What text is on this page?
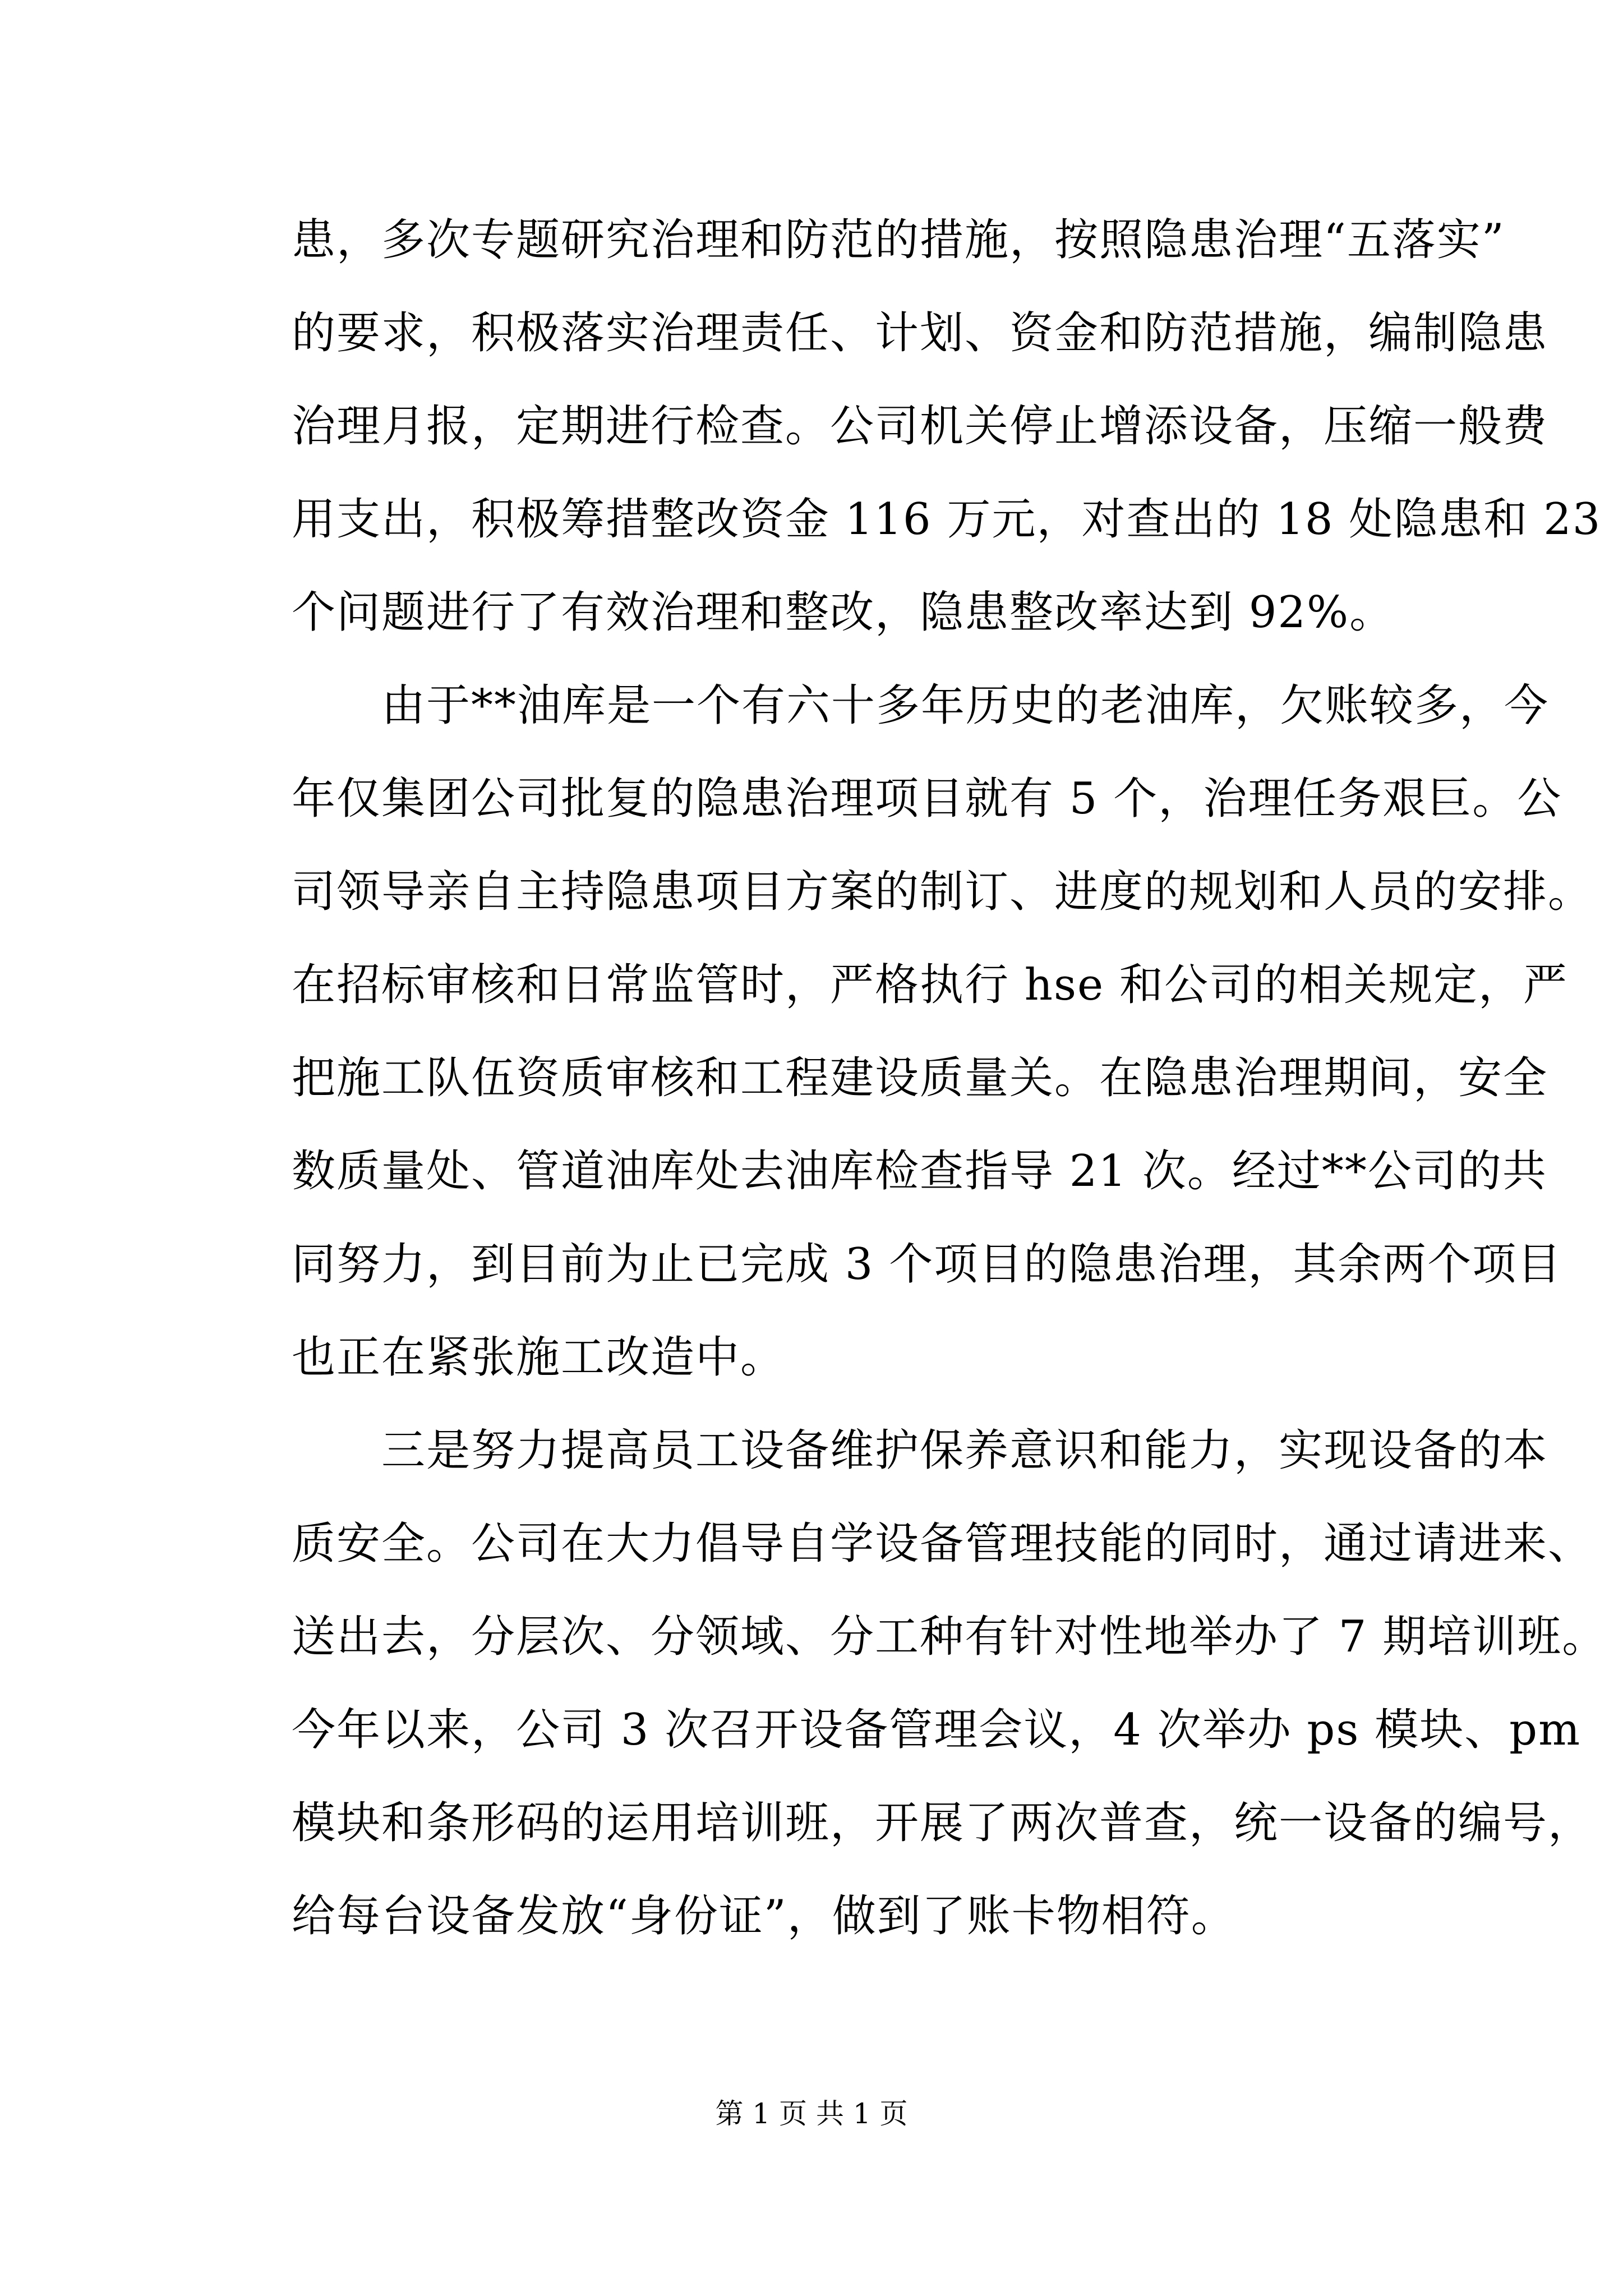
患，多次专题研究治理和防范的措施，按照隐患治理“五落实”
的要求，积极落实治理责任、计划、资金和防范措施，编制隐患
治理月报，定期进行检查。公司机关停止增添设备，压缩一般费
用支出，积极筹措整改资金 116 万元，对查出的 18 处隐患和 23
个问题进行了有效治理和整改，隐患整改率达到 92%。
由于**油库是一个有六十多年历史的老油库，欠账较多，今
年仅集团公司批复的隐患治理项目就有 5 个，治理任务艰巨。公
司领导亲自主持隐患项目方案的制订、进度的规划和人员的安排。
在招标审核和日常监管时，严格执行 hse 和公司的相关规定，严
把施工队伍资质审核和工程建设质量关。在隐患治理期间，安全
数质量处、管道油库处去油库检查指导 21 次。经过**公司的共
同努力，到目前为止已完成 3 个项目的隐患治理，其余两个项目
也正在紧张施工改造中。
三是努力提高员工设备维护保养意识和能力，实现设备的本
质安全。公司在大力倡导自学设备管理技能的同时，通过请进来、
送出去，分层次、分领域、分工种有针对性地举办了 7 期培训班。
今年以来，公司 3 次召开设备管理会议，4 次举办 ps 模块、pm
模块和条形码的运用培训班，开展了两次普查，统一设备的编号，
给每台设备发放“身份证”，做到了账卡物相符。
第 1 页 共 1 页
